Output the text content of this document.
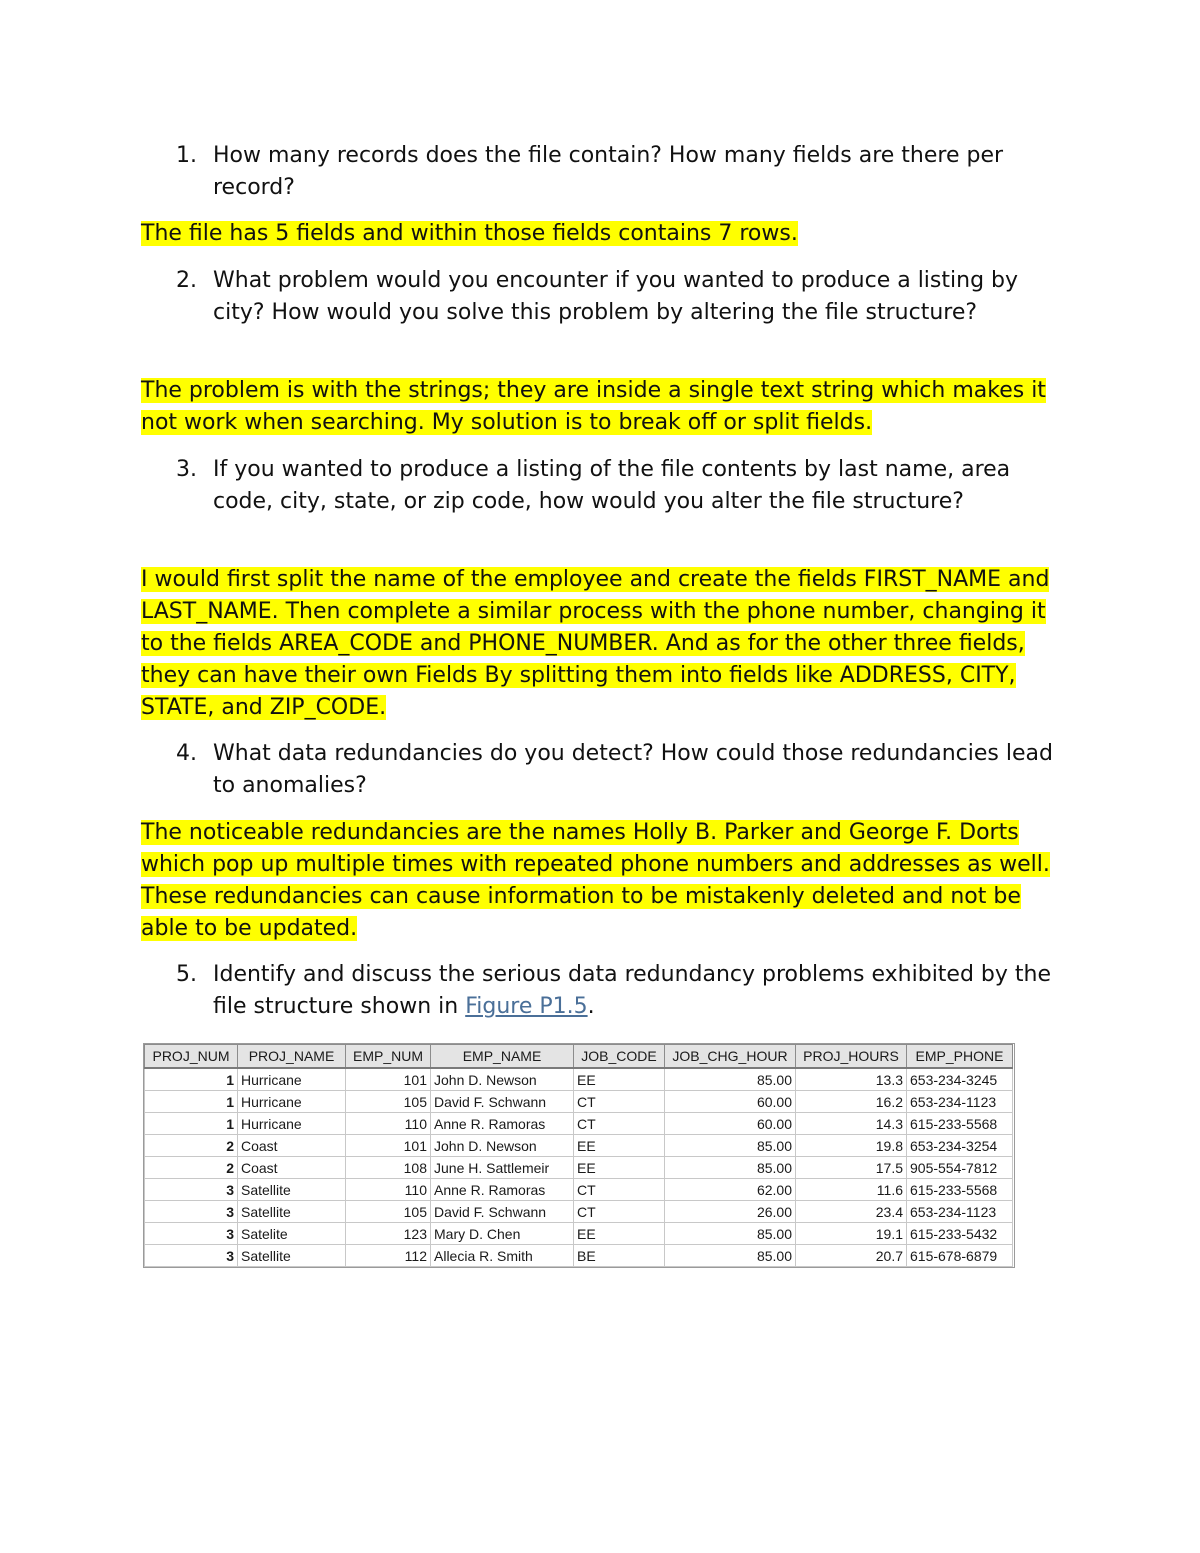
1. How many records does the file contain? How many fields are there per record?
The file has 5 fields and within those fields contains 7 rows.
2. What problem would you encounter if you wanted to produce a listing by city? How would you solve this problem by altering the file structure?
The problem is with the strings; they are inside a single text string which makes it not work when searching. My solution is to break off or split fields.
3. If you wanted to produce a listing of the file contents by last name, area code, city, state, or zip code, how would you alter the file structure?
I would first split the name of the employee and create the fields FIRST_NAME and LAST_NAME. Then complete a similar process with the phone number, changing it to the fields AREA_CODE and PHONE_NUMBER. And as for the other three fields, they can have their own Fields By splitting them into fields like ADDRESS, CITY, STATE, and ZIP_CODE.
4. What data redundancies do you detect? How could those redundancies lead to anomalies?
The noticeable redundancies are the names Holly B. Parker and George F. Dorts which pop up multiple times with repeated phone numbers and addresses as well. These redundancies can cause information to be mistakenly deleted and not be able to be updated.
5. Identify and discuss the serious data redundancy problems exhibited by the file structure shown in Figure P1.5.
PROJ_NUM	PROJ_NAME	EMP_NUM	EMP_NAME	JOB_CODE	JOB_CHG_HOUR	PROJ_HOURS	EMP_PHONE
1	Hurricane	101	John D. Newson	EE	85.00	13.3	653-234-3245
1	Hurricane	105	David F. Schwann	CT	60.00	16.2	653-234-1123
1	Hurricane	110	Anne R. Ramoras	CT	60.00	14.3	615-233-5568
2	Coast	101	John D. Newson	EE	85.00	19.8	653-234-3254
2	Coast	108	June H. Sattlemeir	EE	85.00	17.5	905-554-7812
3	Satellite	110	Anne R. Ramoras	CT	62.00	11.6	615-233-5568
3	Satellite	105	David F. Schwann	CT	26.00	23.4	653-234-1123
3	Satelite	123	Mary D. Chen	EE	85.00	19.1	615-233-5432
3	Satellite	112	Allecia R. Smith	BE	85.00	20.7	615-678-6879
